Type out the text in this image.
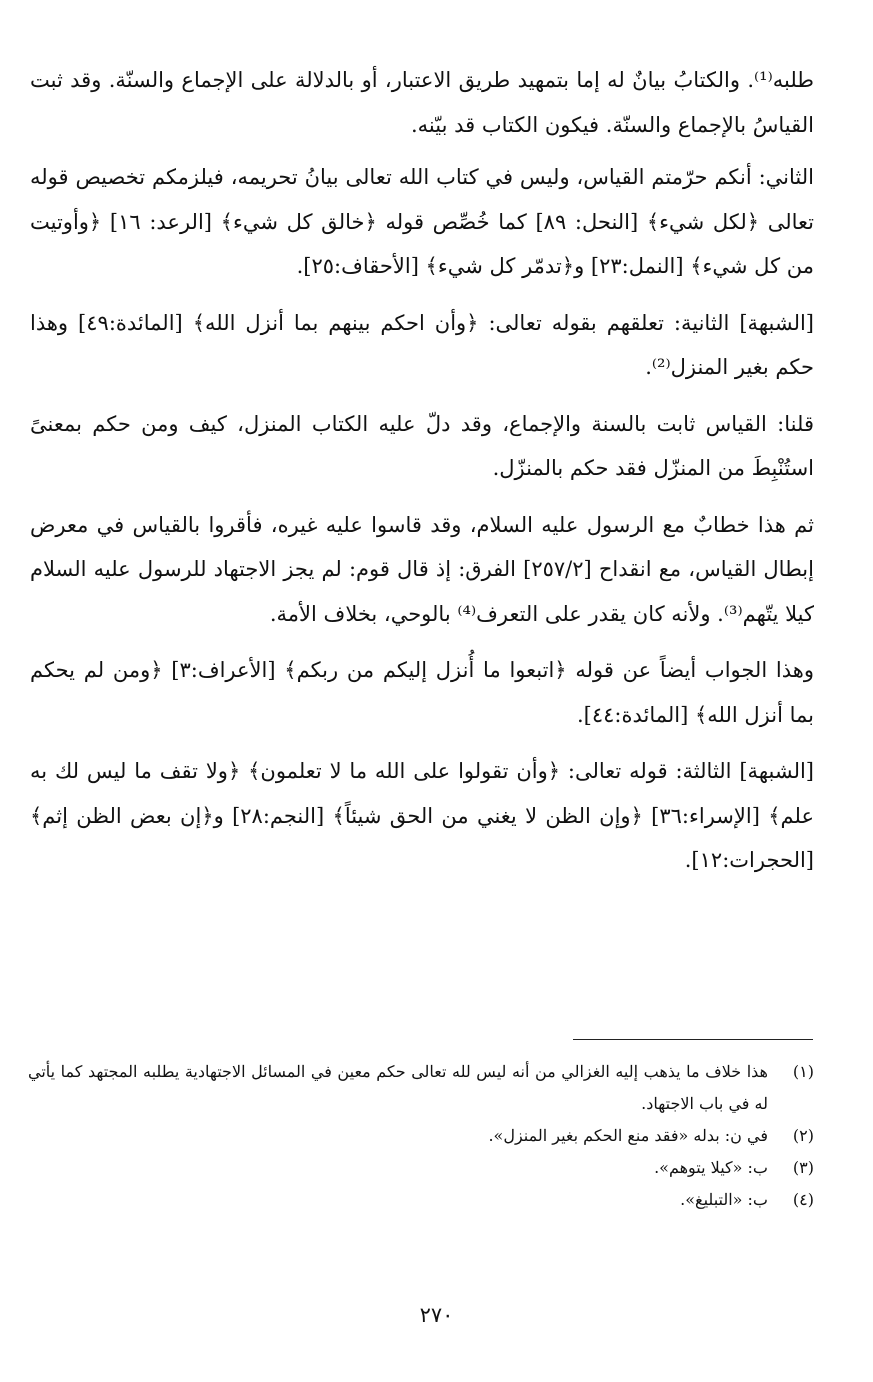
طلبه⁽¹⁾. والكتابُ بيانٌ له إما بتمهيد طريق الاعتبار، أو بالدلالة على الإجماع والسنّة. وقد ثبت القياسُ بالإجماع والسنّة. فيكون الكتاب قد بيّنه.

الثاني: أنكم حرّمتم القياس، وليس في كتاب الله تعالى بيانُ تحريمه، فيلزمكم تخصيص قوله تعالى ﴿لكل شيء﴾ [النحل: ٨٩] كما خُصِّص قوله ﴿خالق كل شيء﴾ [الرعد: ١٦] ﴿وأوتيت من كل شيء﴾ [النمل:٢٣] و﴿تدمّر كل شيء﴾ [الأحقاف:٢٥].

[الشبهة] الثانية: تعلقهم بقوله تعالى: ﴿وأن احكم بينهم بما أنزل الله﴾ [المائدة:٤٩] وهذا حكم بغير المنزل⁽²⁾.

قلنا: القياس ثابت بالسنة والإجماع، وقد دلّ عليه الكتاب المنزل، كيف ومن حكم بمعنىً استُنْبِطَ من المنزّل فقد حكم بالمنزّل.

ثم هذا خطابٌ مع الرسول عليه السلام، وقد قاسوا عليه غيره، فأقروا بالقياس في معرض إبطال القياس، مع انقداح [٢٥٧/٢] الفرق: إذ قال قوم: لم يجز الاجتهاد للرسول عليه السلام كيلا يتّهم⁽³⁾. ولأنه كان يقدر على التعرف⁽⁴⁾ بالوحي، بخلاف الأمة.

وهذا الجواب أيضاً عن قوله ﴿اتبعوا ما أُنزل إليكم من ربكم﴾ [الأعراف:٣] ﴿ومن لم يحكم بما أنزل الله﴾ [المائدة:٤٤].

[الشبهة] الثالثة: قوله تعالى: ﴿وأن تقولوا على الله ما لا تعلمون﴾ ﴿ولا تقف ما ليس لك به علم﴾ [الإسراء:٣٦] ﴿وإن الظن لا يغني من الحق شيئاً﴾ [النجم:٢٨] و﴿إن بعض الظن إثم﴾ [الحجرات:١٢].

(١)
هذا خلاف ما يذهب إليه الغزالي من أنه ليس لله تعالى حكم معين في المسائل الاجتهادية يطلبه المجتهد كما يأتي له في باب الاجتهاد.
(٢)
في ن: بدله «فقد منع الحكم بغير المنزل».
(٣)
ب: «كيلا يتوهم».
(٤)
ب: «التبليغ».
٢٧٠
